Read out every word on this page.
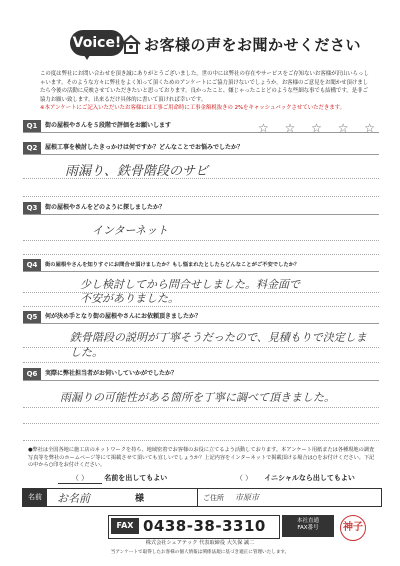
Voice! お客様の声をお聞かせください
この度は弊社にお問い合わせを頂き誠にありがとうございました。世の中には弊社の存在やサービスをご存知ないお客様が沢山いらっしゃいます。そのような方々に弊社をよく知って頂くためのアンケートにご協力頂けないでしょうか。お客様のご意見をお聞かせ頂けましたら今後の活動に反映させていただきたいと思っております。良かったこと、嫌じゃったことどのような些細な事でも結構です。是非ご協力お願い致します。出来るだけ具体的に書いて頂ければ幸いです。
※本アンケートにご記入いただいたお客様には工事ご用命時に工事金額税抜きの 2%をキャッシュバックさせていただきます。
Q1	街の屋根やさんを５段階で評価をお願いします	☆ ☆ ☆ ☆ ☆
Q2	屋根工事を検討したきっかけは何ですか？どんなことでお悩みでしたか？
雨漏り、鉄骨階段のサビ
Q3	街の屋根やさんをどのように探しましたか？
インターネット
Q4	街の屋根やさんを知りすぐにお問合せ頂けましたか？もし悩まれたとしたらどんなことがご不安でしたか？
少し検討してから問合せしました。料金面で不安がありました。
Q5	何が決め手となり街の屋根やさんにお依頼頂きましたか？
鉄骨階段の説明が丁寧そうだったので、見積もりで決定しました。
Q6	実際に弊社担当者がお伺いしていかがでしたか？
雨漏りの可能性がある箇所を丁寧に調べて頂きました。
●弊社は全国各地に施工店のネットワークを持ち、地域密着でお客様のお役に立てるよう活動しております。本アンケート用紙または各種現地の調査写真等を弊社のホームページ等にて掲載させて頂いても宜しいでしょうか？上記内容をインターネットで掲載頂ける場合は○をお付けください。下記の中から○印をお付けください。
（ ） 名前を出してもよい	（ ） イニシャルなら出してもよい
名前	お名前	様	ご住所 市原市
FAX 0438-38-3310	本社直通
FAX番号	神子
株式会社シェアテック 代表取締役 大久保 誠二
当アンケートで取得したお客様の個人情報は関係法規に基づき適正に管理いたします。
